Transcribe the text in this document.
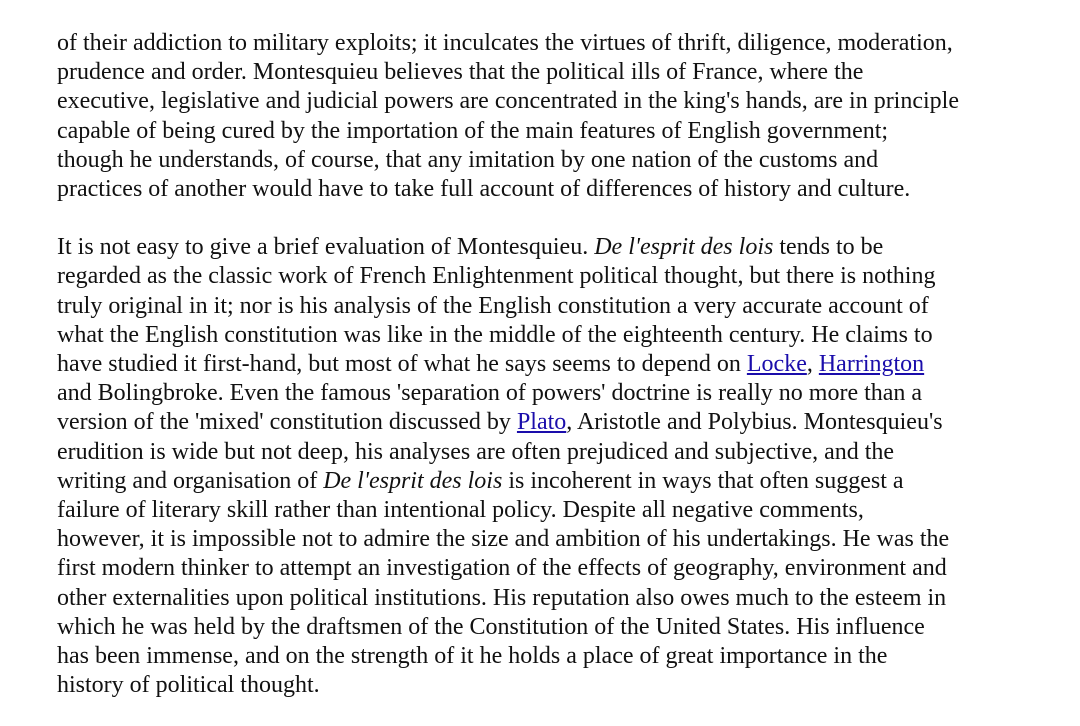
of their addiction to military exploits; it inculcates the virtues of thrift, diligence, moderation,
prudence and order. Montesquieu believes that the political ills of France, where the
executive, legislative and judicial powers are concentrated in the king's hands, are in principle
capable of being cured by the importation of the main features of English government;
though he understands, of course, that any imitation by one nation of the customs and
practices of another would have to take full account of differences of history and culture.

It is not easy to give a brief evaluation of Montesquieu. De l'esprit des lois tends to be
regarded as the classic work of French Enlightenment political thought, but there is nothing
truly original in it; nor is his analysis of the English constitution a very accurate account of
what the English constitution was like in the middle of the eighteenth century. He claims to
have studied it first-hand, but most of what he says seems to depend on Locke, Harrington
and Bolingbroke. Even the famous 'separation of powers' doctrine is really no more than a
version of the 'mixed' constitution discussed by Plato, Aristotle and Polybius. Montesquieu's
erudition is wide but not deep, his analyses are often prejudiced and subjective, and the
writing and organisation of De l'esprit des lois is incoherent in ways that often suggest a
failure of literary skill rather than intentional policy. Despite all negative comments,
however, it is impossible not to admire the size and ambition of his undertakings. He was the
first modern thinker to attempt an investigation of the effects of geography, environment and
other externalities upon political institutions. His reputation also owes much to the esteem in
which he was held by the draftsmen of the Constitution of the United States. His influence
has been immense, and on the strength of it he holds a place of great importance in the
history of political thought.
